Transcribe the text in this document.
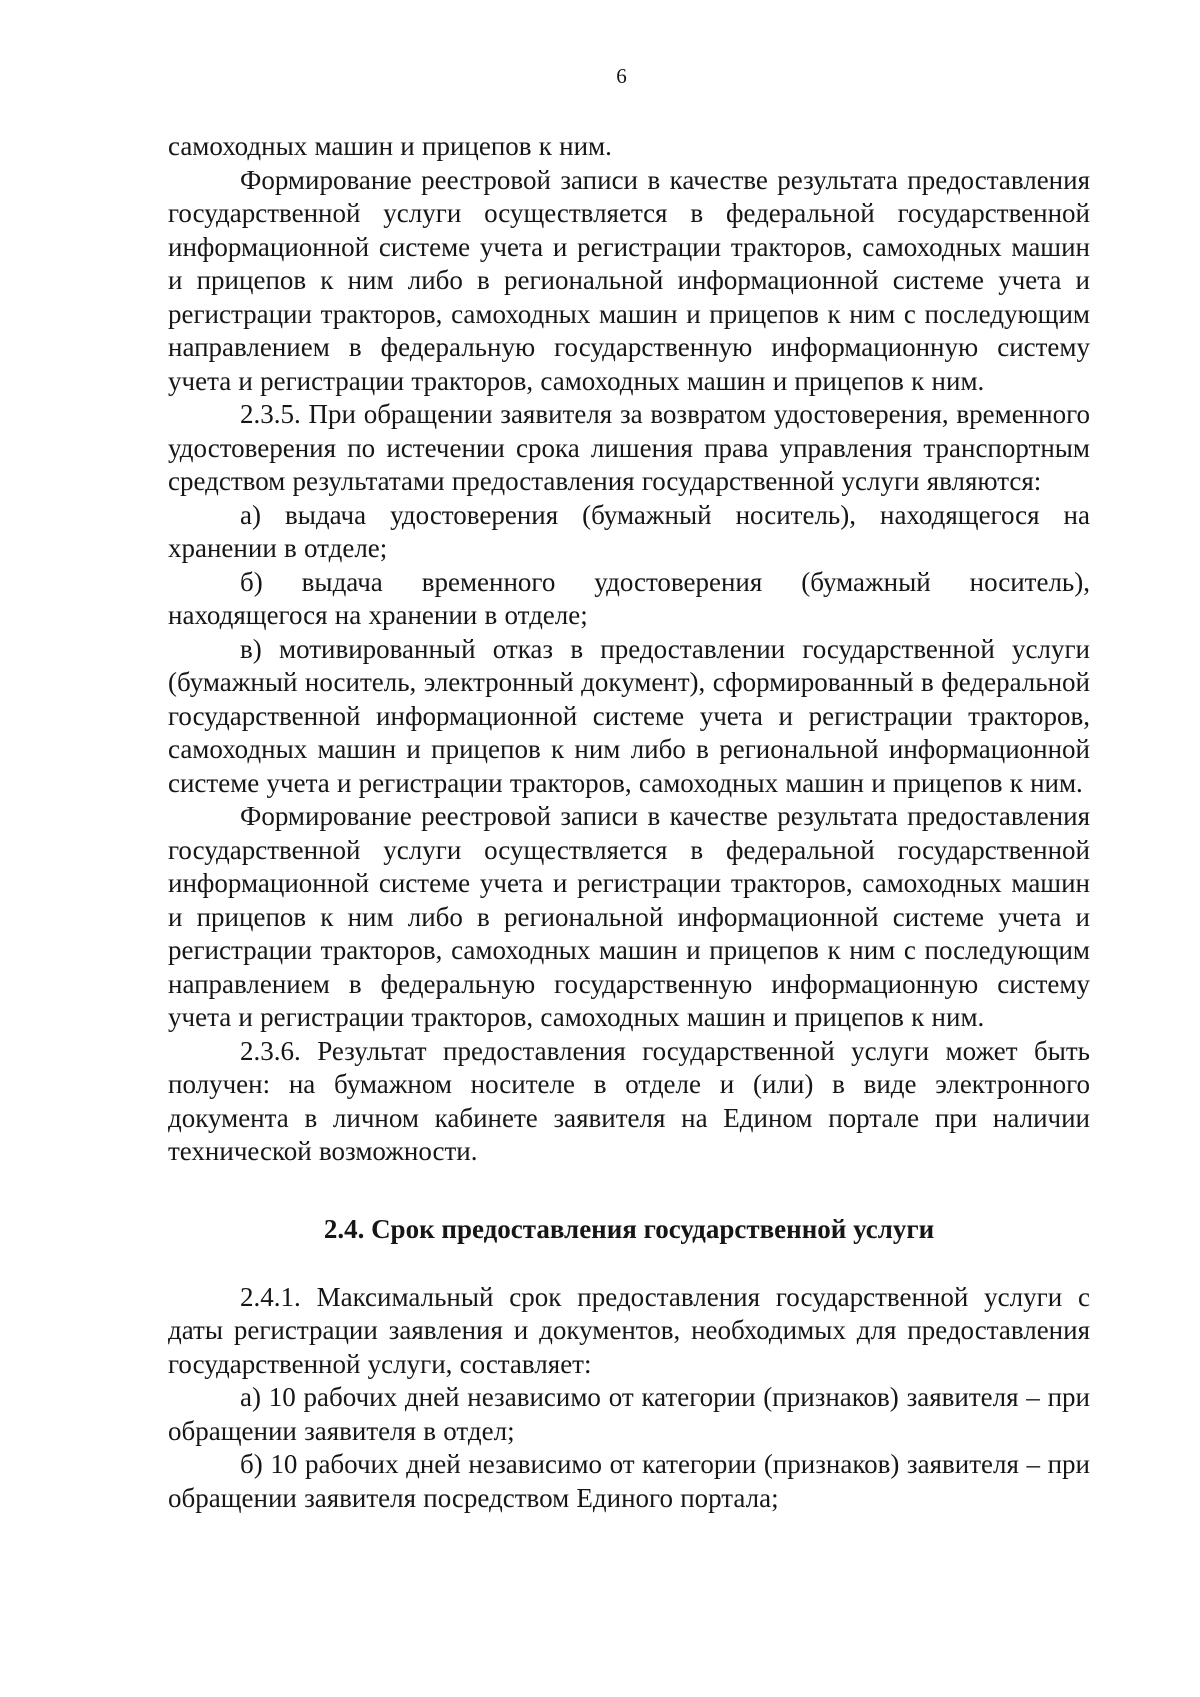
6

самоходных машин и прицепов к ним.

Формирование реестровой записи в качестве результата предоставления государственной услуги осуществляется в федеральной государственной информационной системе учета и регистрации тракторов, самоходных машин и прицепов к ним либо в региональной информационной системе учета и регистрации тракторов, самоходных машин и прицепов к ним с последующим направлением в федеральную государственную информационную систему учета и регистрации тракторов, самоходных машин и прицепов к ним.

2.3.5. При обращении заявителя за возвратом удостоверения, временного удостоверения по истечении срока лишения права управления транспортным средством результатами предоставления государственной услуги являются:

а) выдача удостоверения (бумажный носитель), находящегося на хранении в отделе;

б) выдача временного удостоверения (бумажный носитель), находящегося на хранении в отделе;

в) мотивированный отказ в предоставлении государственной услуги (бумажный носитель, электронный документ), сформированный в федеральной государственной информационной системе учета и регистрации тракторов, самоходных машин и прицепов к ним либо в региональной информационной системе учета и регистрации тракторов, самоходных машин и прицепов к ним.

Формирование реестровой записи в качестве результата предоставления государственной услуги осуществляется в федеральной государственной информационной системе учета и регистрации тракторов, самоходных машин и прицепов к ним либо в региональной информационной системе учета и регистрации тракторов, самоходных машин и прицепов к ним с последующим направлением в федеральную государственную информационную систему учета и регистрации тракторов, самоходных машин и прицепов к ним.

2.3.6. Результат предоставления государственной услуги может быть получен: на бумажном носителе в отделе и (или) в виде электронного документа в личном кабинете заявителя на Едином портале при наличии технической возможности.

2.4. Срок предоставления государственной услуги

2.4.1. Максимальный срок предоставления государственной услуги с даты регистрации заявления и документов, необходимых для предоставления государственной услуги, составляет:

а) 10 рабочих дней независимо от категории (признаков) заявителя – при обращении заявителя в отдел;

б) 10 рабочих дней независимо от категории (признаков) заявителя – при обращении заявителя посредством Единого портала;
